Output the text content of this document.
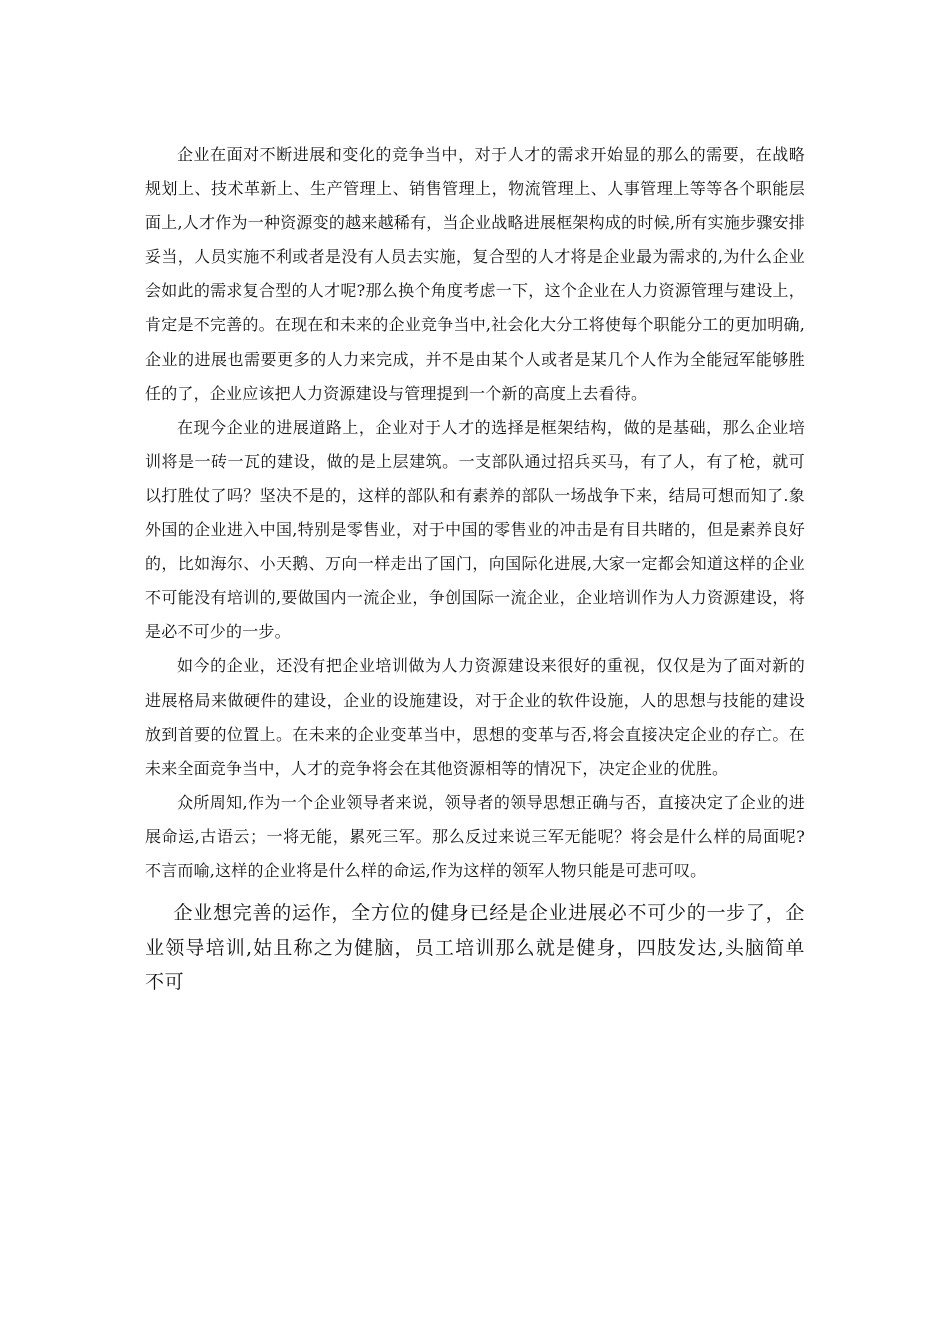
企业在面对不断进展和变化的竞争当中，对于人才的需求开始显的那么的需要，在战略规划上、技术革新上、生产管理上、销售管理上，物流管理上、人事管理上等等各个职能层面上,人才作为一种资源变的越来越稀有，当企业战略进展框架构成的时候,所有实施步骤安排妥当，人员实施不利或者是没有人员去实施，复合型的人才将是企业最为需求的,为什么企业会如此的需求复合型的人才呢?那么换个角度考虑一下，这个企业在人力资源管理与建设上，肯定是不完善的。在现在和未来的企业竞争当中,社会化大分工将使每个职能分工的更加明确,企业的进展也需要更多的人力来完成，并不是由某个人或者是某几个人作为全能冠军能够胜任的了，企业应该把人力资源建设与管理提到一个新的高度上去看待。

在现今企业的进展道路上，企业对于人才的选择是框架结构，做的是基础，那么企业培训将是一砖一瓦的建设，做的是上层建筑。一支部队通过招兵买马，有了人，有了枪，就可以打胜仗了吗？坚决不是的，这样的部队和有素养的部队一场战争下来，结局可想而知了.象外国的企业进入中国,特别是零售业，对于中国的零售业的冲击是有目共睹的，但是素养良好的，比如海尔、小天鹅、万向一样走出了国门，向国际化进展,大家一定都会知道这样的企业不可能没有培训的,要做国内一流企业，争创国际一流企业，企业培训作为人力资源建设，将是必不可少的一步。

如今的企业，还没有把企业培训做为人力资源建设来很好的重视，仅仅是为了面对新的进展格局来做硬件的建设，企业的设施建设，对于企业的软件设施，人的思想与技能的建设放到首要的位置上。在未来的企业变革当中，思想的变革与否,将会直接决定企业的存亡。在未来全面竞争当中，人才的竞争将会在其他资源相等的情况下，决定企业的优胜。

众所周知,作为一个企业领导者来说，领导者的领导思想正确与否，直接决定了企业的进展命运,古语云；一将无能，累死三军。那么反过来说三军无能呢？将会是什么样的局面呢?不言而喻,这样的企业将是什么样的命运,作为这样的领军人物只能是可悲可叹。

企业想完善的运作，全方位的健身已经是企业进展必不可少的一步了，企业领导培训,姑且称之为健脑，员工培训那么就是健身，四肢发达,头脑简单不可
